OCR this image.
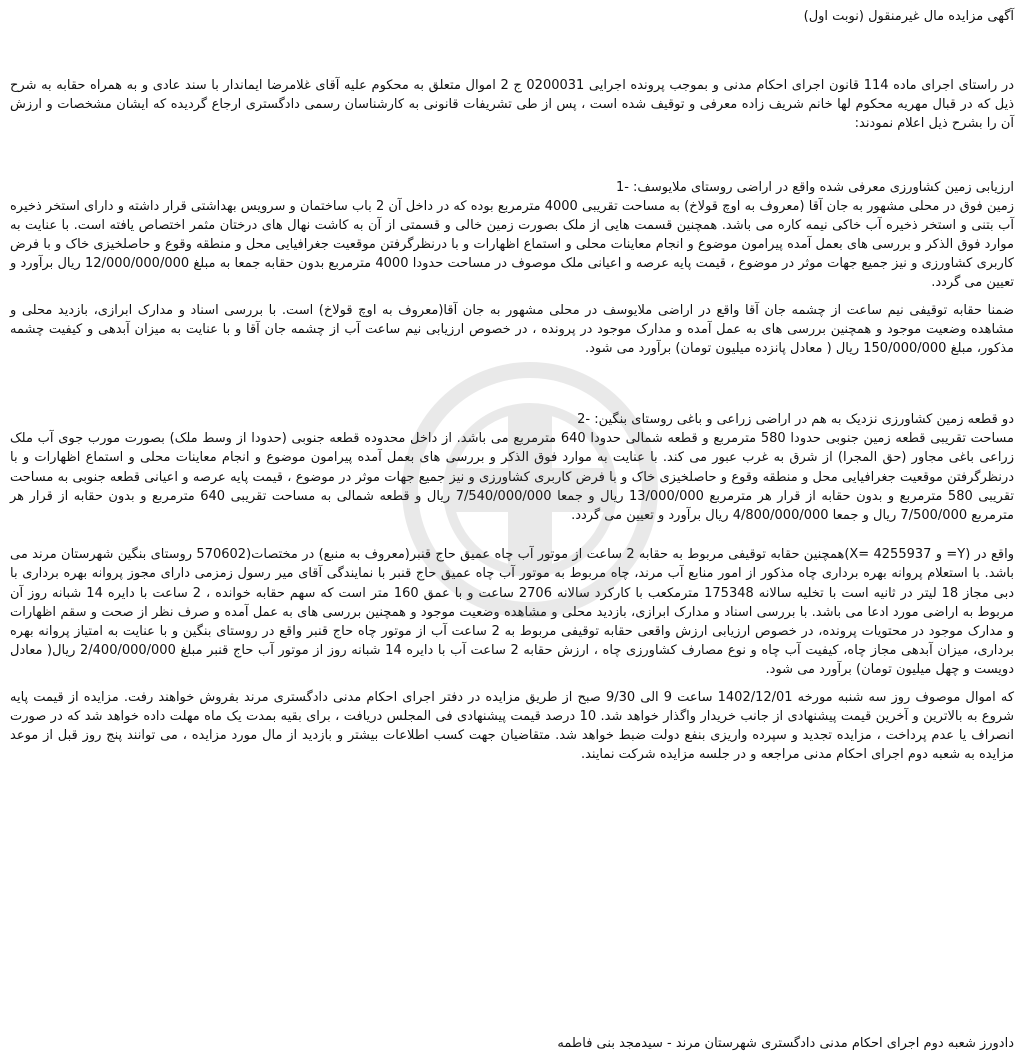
آگهی مزایده مال غیرمنقول (نوبت اول)

در راستای اجرای ماده 114 قانون اجرای احکام مدنی و بموجب پرونده اجرایی 0200031 ج 2 اموال متعلق به محکوم علیه آقای غلامرضا ایماندار با سند عادی و به همراه حقابه به شرح ذیل که در قبال مهریه محکوم لها خانم شریف زاده معرفی و توقیف شده است ، پس از طی تشریفات قانونی به کارشناسان رسمی دادگستری ارجاع گردیده که ایشان مشخصات و ارزش آن را بشرح ذیل اعلام نمودند:

ارزیابی زمین کشاورزی معرفی شده واقع در اراضی روستای ملایوسف: -1

زمین فوق در محلی مشهور به جان آقا (معروف به اوچ قولاخ) به مساحت تقریبی 4000 مترمربع بوده که در داخل آن 2 باب ساختمان و سرویس بهداشتی قرار داشته و دارای استخر ذخیره آب بتنی و استخر ذخیره آب خاکی نیمه کاره می باشد. همچنین قسمت هایی از ملک بصورت زمین خالی و قسمتی از آن به کاشت نهال های درختان مثمر اختصاص یافته است. با عنایت به موارد فوق الذکر و بررسی های بعمل آمده پیرامون موضوع و انجام معاینات محلی و استماع اظهارات و با درنظرگرفتن موقعیت جغرافیایی محل و منطقه وقوع و حاصلخیزی خاک و با فرض کاربری کشاورزی و نیز جمیع جهات موثر در موضوع ، قیمت پایه عرصه و اعیانی ملک موصوف در مساحت حدودا 4000 مترمربع بدون حقابه جمعا به مبلغ 12/000/000/000 ریال برآورد و تعیین می گردد.

ضمنا حقابه توقیفی نیم ساعت از چشمه جان آقا واقع در اراضی ملایوسف در محلی مشهور به جان آقا(معروف به اوچ قولاخ) است. با بررسی اسناد و مدارک ابرازی، بازدید محلی و مشاهده وضعیت موجود و همچنین بررسی های به عمل آمده و مدارک موجود در پرونده ، در خصوص ارزیابی نیم ساعت آب از چشمه جان آقا و با عنایت به میزان آبدهی و کیفیت چشمه مذکور، مبلغ 150/000/000 ریال ( معادل پانزده میلیون تومان) برآورد می شود.

دو قطعه زمین کشاورزی نزدیک به هم در اراضی زراعی و باغی روستای بنگین: -2

مساحت تقریبی قطعه زمین جنوبی حدودا 580 مترمربع و قطعه شمالی حدودا 640 مترمربع می باشد. از داخل محدوده قطعه جنوبی (حدودا از وسط ملک) بصورت مورب جوی آب ملک زراعی باغی مجاور (حق المجرا) از شرق به غرب عبور می کند. با عنایت به موارد فوق الذکر و بررسی های بعمل آمده پیرامون موضوع و انجام معاینات محلی و استماع اظهارات و با درنظرگرفتن موقعیت جغرافیایی محل و منطقه وقوع و حاصلخیزی خاک و با فرض کاربری کشاورزی و نیز جمیع جهات موثر در موضوع ، قیمت پایه عرصه و اعیانی قطعه جنوبی به مساحت تقریبی 580 مترمربع و بدون حقابه از قرار هر مترمربع 13/000/000 ریال و جمعا 7/540/000/000 ریال و قطعه شمالی به مساحت تقریبی 640 مترمربع و بدون حقابه از قرار هر مترمربع 7/500/000 ریال و جمعا 4/800/000/000 ریال برآورد و تعیین می گردد.

واقع در (Y= و 4255937 =X)همچنین حقابه توقیفی مربوط به حقابه 2 ساعت از موتور آب چاه عمیق حاج قنبر(معروف به منبع) در مختصات(570602 روستای بنگین شهرستان مرند می باشد. با استعلام پروانه بهره برداری چاه مذکور از امور منابع آب مرند، چاه مربوط به موتور آب چاه عمیق حاج قنبر با نمایندگی آقای میر رسول زمزمی دارای مجوز پروانه بهره برداری با دبی مجاز 18 لیتر در ثانیه است با تخلیه سالانه 175348 مترمکعب با کارکرد سالانه 2706 ساعت و با عمق 160 متر است که سهم حقابه خوانده ، 2 ساعت با دایره 14 شبانه روز آن مربوط به اراضی مورد ادعا می باشد. با بررسی اسناد و مدارک ابرازی، بازدید محلی و مشاهده وضعیت موجود و همچنین بررسی های به عمل آمده و صرف نظر از صحت و سقم اظهارات و مدارک موجود در محتویات پرونده، در خصوص ارزیابی ارزش واقعی حقابه توقیفی مربوط به 2 ساعت آب از موتور چاه حاج قنبر واقع در روستای بنگین و با عنایت به امتیاز پروانه بهره برداری، میزان آبدهی مجاز چاه، کیفیت آب چاه و نوع مصارف کشاورزی چاه ، ارزش حقابه 2 ساعت آب با دایره 14 شبانه روز از موتور آب حاج قنبر مبلغ 2/400/000/000 ریال( معادل دویست و چهل میلیون تومان) برآورد می شود.

که اموال موصوف روز سه شنبه مورخه 1402/12/01 ساعت 9 الی 9/30 صبح از طریق مزایده در دفتر اجرای احکام مدنی دادگستری مرند بفروش خواهند رفت. مزایده از قیمت پایه شروع به بالاترین و آخرین قیمت پیشنهادی از جانب خریدار واگذار خواهد شد. 10 درصد قیمت پیشنهادی فی المجلس دریافت ، برای بقیه بمدت یک ماه مهلت داده خواهد شد که در صورت انصراف یا عدم پرداخت ، مزایده تجدید و سپرده واریزی بنفع دولت ضبط خواهد شد. متقاضیان جهت کسب اطلاعات بیشتر و بازدید از مال مورد مزایده ، می توانند پنج روز قبل از موعد مزایده به شعبه دوم اجرای احکام مدنی مراجعه و در جلسه مزایده شرکت نمایند.

دادورز شعبه دوم اجرای احکام مدنی دادگستری شهرستان مرند - سیدمجد بنی فاطمه
